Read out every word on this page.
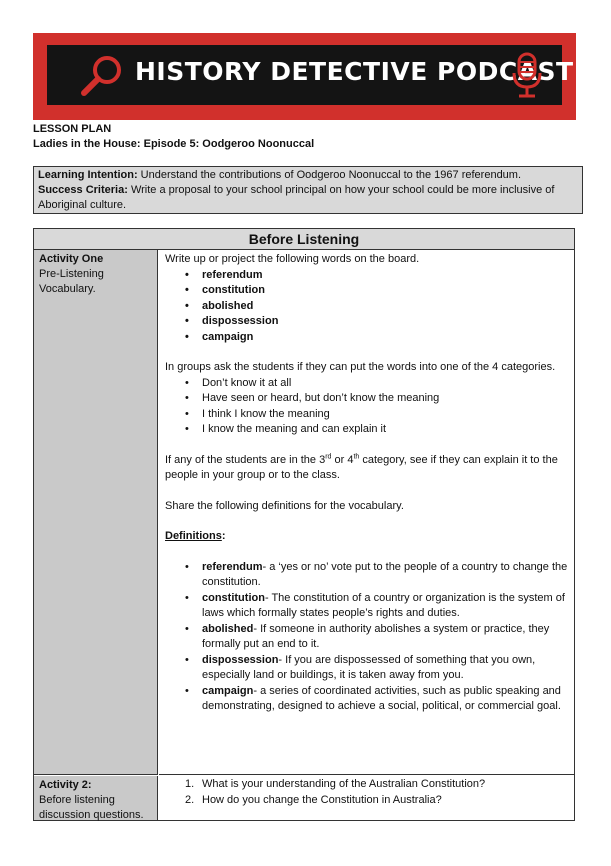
HISTORY DETECTIVE PODCAST
LESSON PLAN
Ladies in the House: Episode 5: Oodgeroo Noonuccal
Learning Intention: Understand the contributions of Oodgeroo Noonuccal to the 1967 referendum.
Success Criteria: Write a proposal to your school principal on how your school could be more inclusive of Aboriginal culture.
Before Listening
Activity One
Pre-Listening
Vocabulary.
Write up or project the following words on the board.
• referendum
• constitution
• abolished
• dispossession
• campaign
In groups ask the students if they can put the words into one of the 4 categories.
• Don’t know it at all
• Have seen or heard, but don’t know the meaning
• I think I know the meaning
• I know the meaning and can explain it
If any of the students are in the 3rd or 4th category, see if they can explain it to the people in your group or to the class.
Share the following definitions for the vocabulary.
Definitions:
• referendum- a ‘yes or no’ vote put to the people of a country to change the constitution.
• constitution- The constitution of a country or organization is the system of laws which formally states people’s rights and duties.
• abolished- If someone in authority abolishes a system or practice, they formally put an end to it.
• dispossession- If you are dispossessed of something that you own, especially land or buildings, it is taken away from you.
• campaign- a series of coordinated activities, such as public speaking and demonstrating, designed to achieve a social, political, or commercial goal.
Activity 2:
Before listening
discussion questions.
1. What is your understanding of the Australian Constitution?
2. How do you change the Constitution in Australia?
